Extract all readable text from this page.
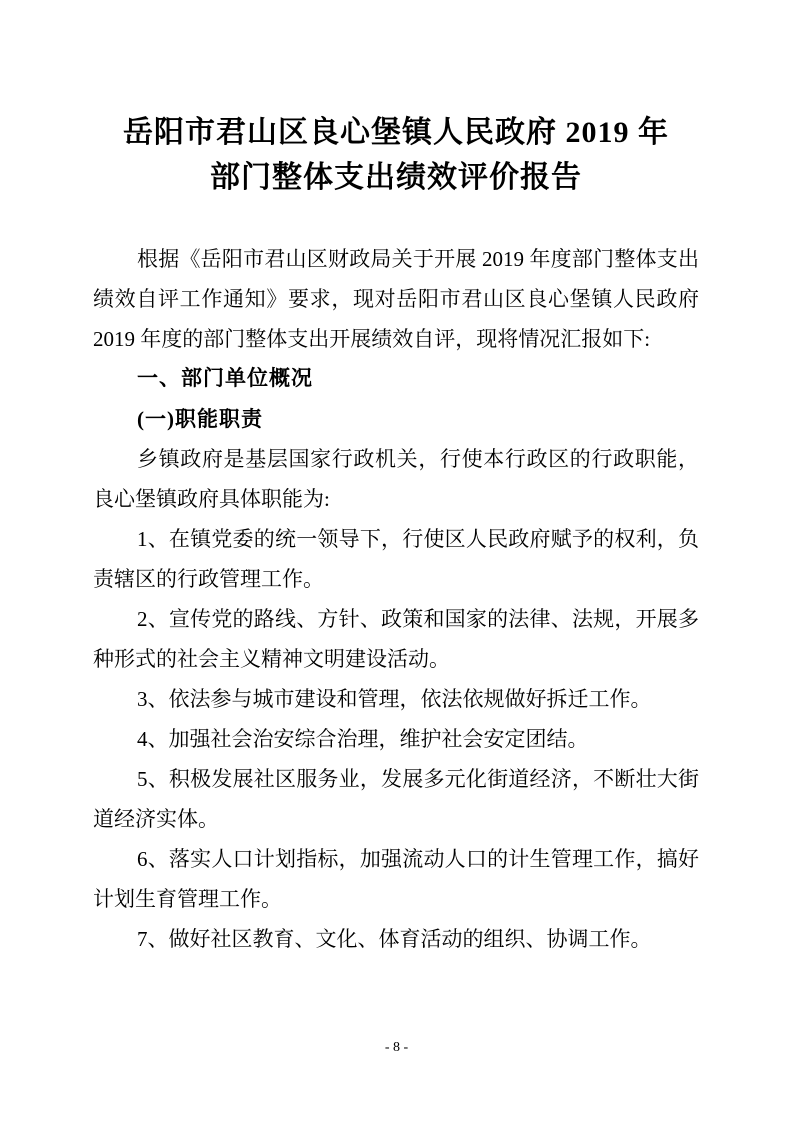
岳阳市君山区良心堡镇人民政府 2019 年
部门整体支出绩效评价报告

根据《岳阳市君山区财政局关于开展 2019 年度部门整体支出绩效自评工作通知》要求，现对岳阳市君山区良心堡镇人民政府 2019 年度的部门整体支出开展绩效自评，现将情况汇报如下:

一、部门单位概况

(一)职能职责

乡镇政府是基层国家行政机关，行使本行政区的行政职能，良心堡镇政府具体职能为:

1、在镇党委的统一领导下，行使区人民政府赋予的权利，负责辖区的行政管理工作。

2、宣传党的路线、方针、政策和国家的法律、法规，开展多种形式的社会主义精神文明建设活动。

3、依法参与城市建设和管理，依法依规做好拆迁工作。

4、加强社会治安综合治理，维护社会安定团结。

5、积极发展社区服务业，发展多元化街道经济，不断壮大街道经济实体。

6、落实人口计划指标，加强流动人口的计生管理工作，搞好计划生育管理工作。

7、做好社区教育、文化、体育活动的组织、协调工作。

- 8 -
